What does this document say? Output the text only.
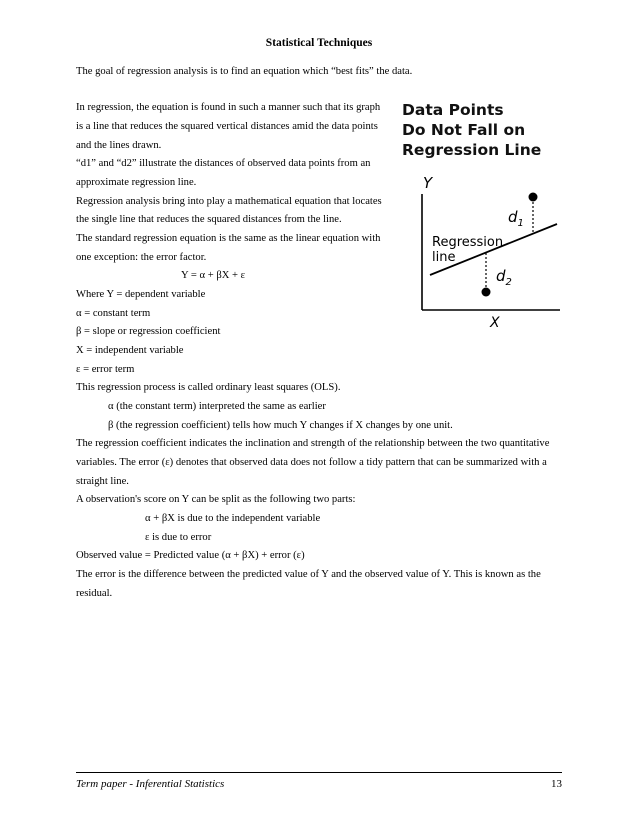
Statistical Techniques
The goal of regression analysis is to find an equation which “best fits” the data.
In regression, the equation is found in such a manner such that its graph
is a line that reduces the squared vertical distances amid the data points
and the lines drawn.
“d1” and “d2” illustrate the distances of observed data points from an
approximate regression line.
Regression analysis bring into play a mathematical equation that locates
the single line that reduces the squared distances from the line.
The standard regression equation is the same as the linear equation with
one exception: the error factor.
Y = α + βX + ε
Where Y = dependent variable
α = constant term
β = slope or regression coefficient
X = independent variable
ε = error term
This regression process is called ordinary least squares (OLS).
α (the constant term) interpreted the same as earlier
β (the regression coefficient) tells how much Y changes if X changes by one unit.
The regression coefficient indicates the inclination and strength of the relationship between the two quantitative
variables. The error (ε) denotes that observed data does not follow a tidy pattern that can be summarized with a
straight line.
A observation's score on Y can be split as the following two parts:
α + βX is due to the independent variable
ε is due to error
Observed value = Predicted value (α + βX) + error (ε)
The error is the difference between the predicted value of Y and the observed value of Y. This is known as the
residual.
Data Points
Do Not Fall on
Regression Line
Y
X
Regression
line
$d_1$
$d_2$
Term paper - Inferential Statistics	13
